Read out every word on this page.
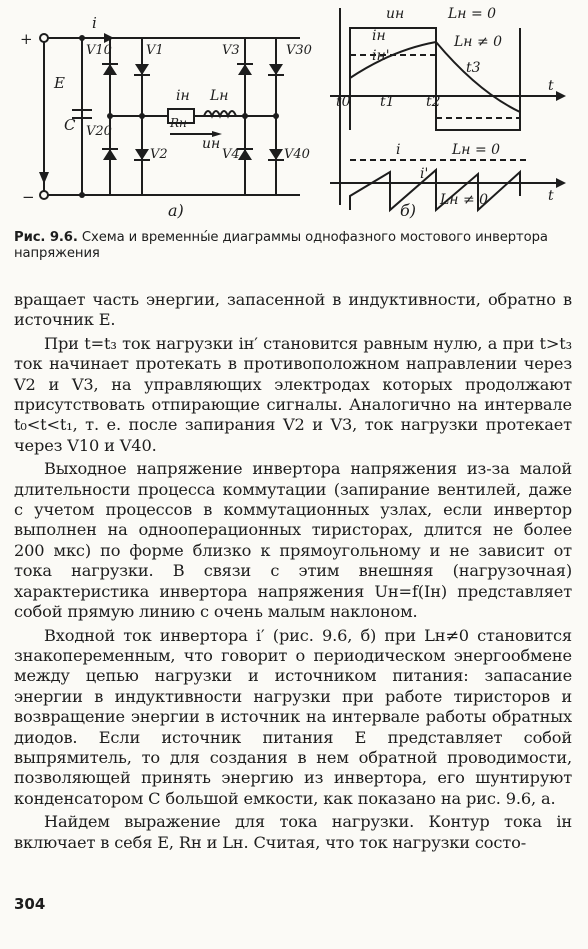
+
−
i
E
C
V10	V1
V20
V2
V3	V30
V4	V40
iн
Rн
Lн
uн
а)
uн	Lн = 0
iн
iн'
Lн ≠ 0
t0 t1 t2
t3
t
i	Lн = 0
i'
Lн ≠ 0	t
б)
Рис. 9.6. Схема и временны́е диаграммы однофазного мостового инвертора напряжения

вращает часть энергии, запасенной в индуктивности, обратно в источник E.

При t=t₃ ток нагрузки iн′ становится равным нулю, а при t>t₃ ток начинает протекать в противоположном направлении через V2 и V3, на управляющих электродах которых продолжают присутствовать отпирающие сигналы. Аналогично на интервале t₀<t<t₁, т. е. после запирания V2 и V3, ток нагрузки протекает через V10 и V40.

Выходное напряжение инвертора напряжения из-за малой длительности процесса коммутации (запирание вентилей, даже с учетом процессов в коммутационных узлах, если инвертор выполнен на однооперационных тиристорах, длится не более 200 мкс) по форме близко к прямоугольному и не зависит от тока нагрузки. В связи с этим внешняя (нагрузочная) характеристика инвертора напряжения Uн=f(Iн) представляет собой прямую линию с очень малым наклоном.

Входной ток инвертора i′ (рис. 9.6, б) при Lн≠0 становится знакопеременным, что говорит о периодическом энергообмене между цепью нагрузки и источником питания: запасание энергии в индуктивности нагрузки при работе тиристоров и возвращение энергии в источник на интервале работы обратных диодов. Если источник питания E представляет собой выпрямитель, то для создания в нем обратной проводимости, позволяющей принять энергию из инвертора, его шунтируют конденсатором C большой емкости, как показано на рис. 9.6, а.

Найдем выражение для тока нагрузки. Контур тока iн включает в себя E, Rн и Lн. Считая, что ток нагрузки состо-

304
